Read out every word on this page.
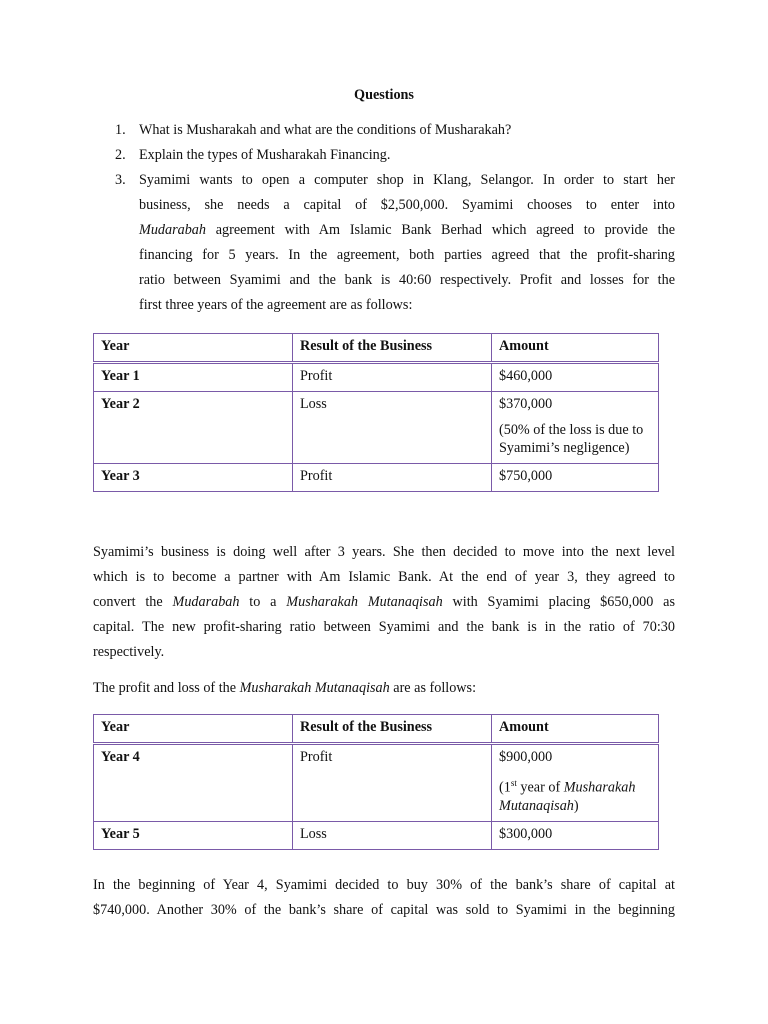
Questions
1. What is Musharakah and what are the conditions of Musharakah?
2. Explain the types of Musharakah Financing.
3. Syamimi wants to open a computer shop in Klang, Selangor. In order to start her
business, she needs a capital of $2,500,000. Syamimi chooses to enter into
Mudarabah agreement with Am Islamic Bank Berhad which agreed to provide the
financing for 5 years. In the agreement, both parties agreed that the profit-sharing
ratio between Syamimi and the bank is 40:60 respectively. Profit and losses for the
first three years of the agreement are as follows:
Year	Result of the Business	Amount
Year 1	Profit	$460,000
Year 2	Loss	$370,000
(50% of the loss is due to Syamimi’s negligence)

Year 3	Profit	$750,000
Syamimi’s business is doing well after 3 years. She then decided to move into the next level
which is to become a partner with Am Islamic Bank. At the end of year 3, they agreed to
convert the Mudarabah to a Musharakah Mutanaqisah with Syamimi placing $650,000 as
capital. The new profit-sharing ratio between Syamimi and the bank is in the ratio of 70:30
respectively.
The profit and loss of the Musharakah Mutanaqisah are as follows:
Year	Result of the Business	Amount
Year 4	Profit	$900,000
(1st year of Musharakah Mutanaqisah)

Year 5	Loss	$300,000
In the beginning of Year 4, Syamimi decided to buy 30% of the bank’s share of capital at
$740,000. Another 30% of the bank’s share of capital was sold to Syamimi in the beginning
